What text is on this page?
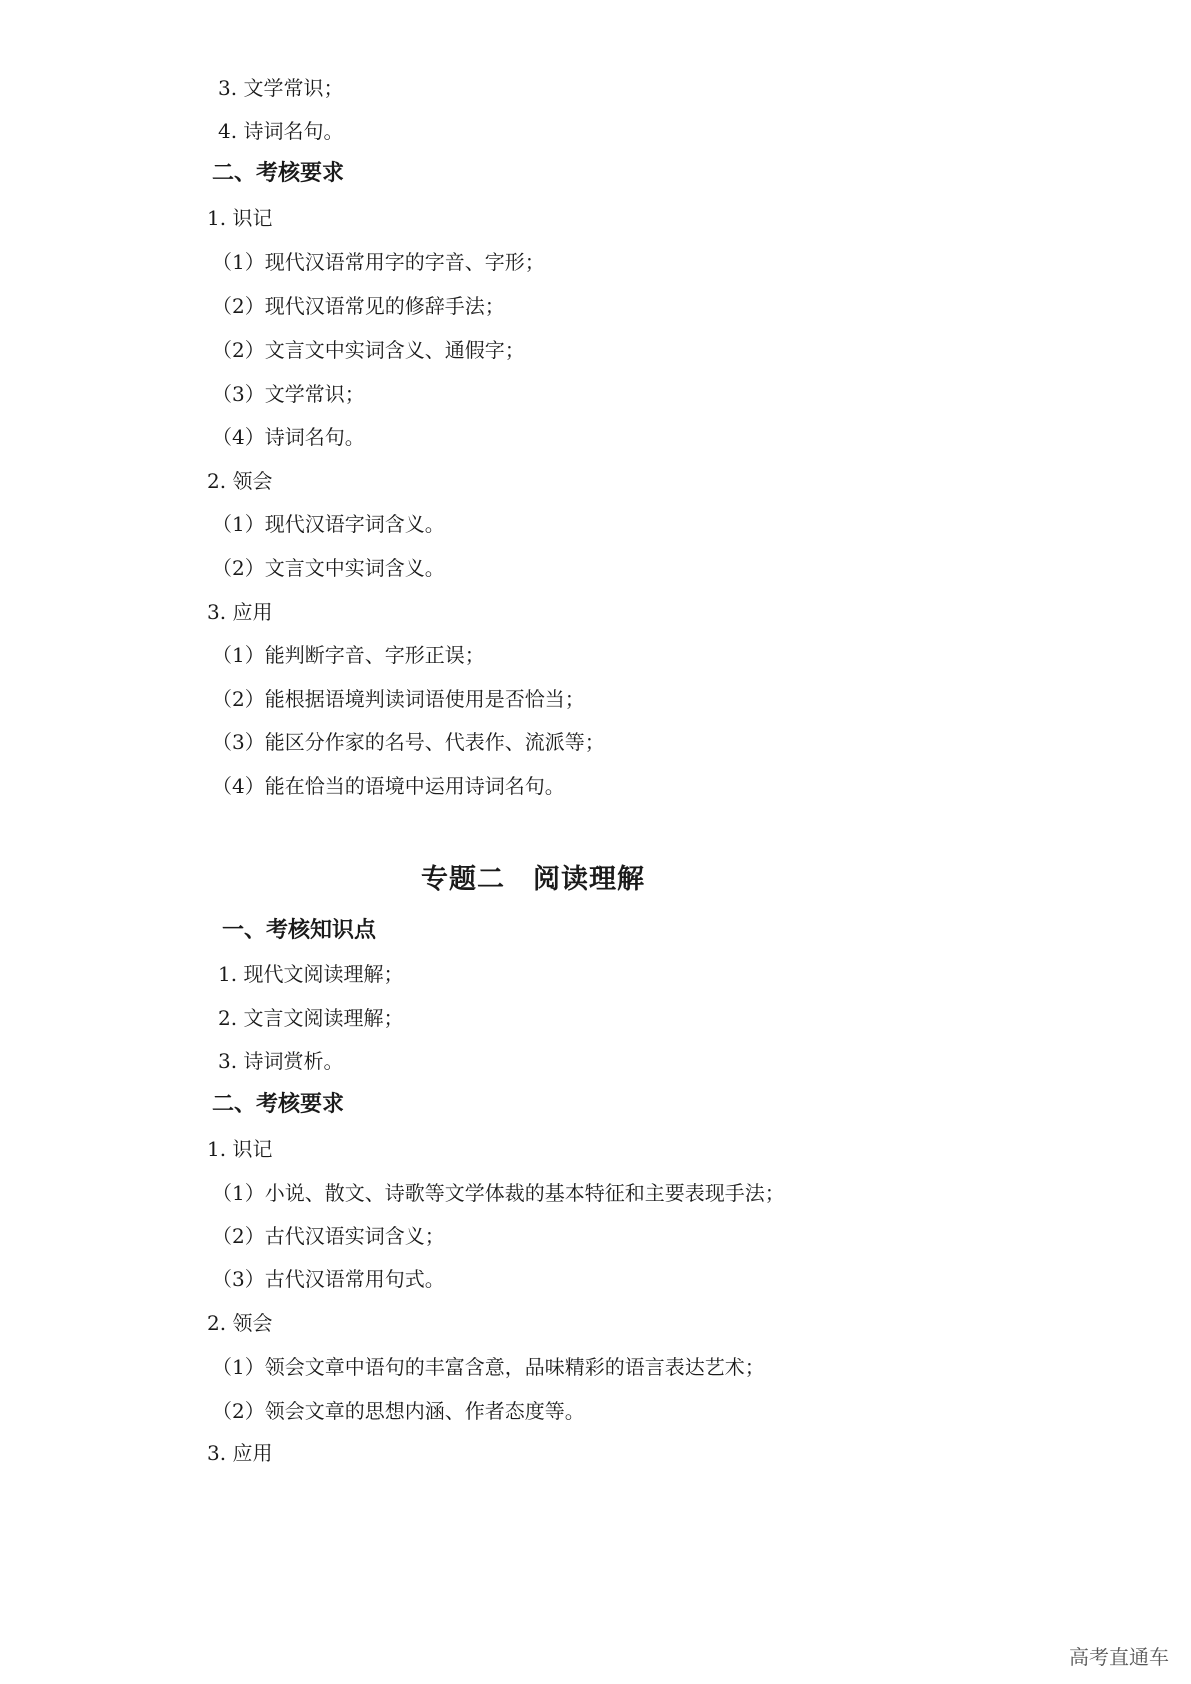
3. 文学常识；
4. 诗词名句。
二、考核要求
1. 识记
（1）现代汉语常用字的字音、字形；
（2）现代汉语常见的修辞手法；
（2）文言文中实词含义、通假字；
（3）文学常识；
（4）诗词名句。
2. 领会
（1）现代汉语字词含义。
（2）文言文中实词含义。
3. 应用
（1）能判断字音、字形正误；
（2）能根据语境判读词语使用是否恰当；
（3）能区分作家的名号、代表作、流派等；
（4）能在恰当的语境中运用诗词名句。
专题二　阅读理解
一、考核知识点
1. 现代文阅读理解；
2. 文言文阅读理解；
3. 诗词赏析。
二、考核要求
1. 识记
（1）小说、散文、诗歌等文学体裁的基本特征和主要表现手法；
（2）古代汉语实词含义；
（3）古代汉语常用句式。
2. 领会
（1）领会文章中语句的丰富含意，品味精彩的语言表达艺术；
（2）领会文章的思想内涵、作者态度等。
3. 应用
高考直通车
